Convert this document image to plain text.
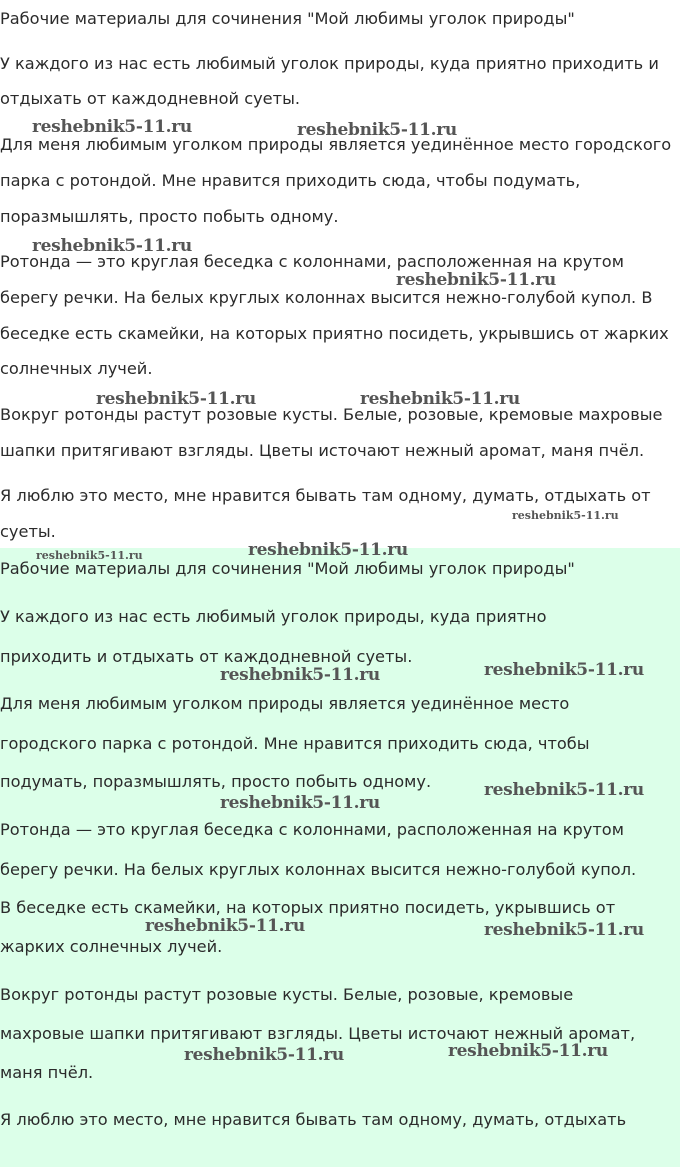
Рабочие материалы для сочинения "Мой любимы уголок природы"
У каждого из нас есть любимый уголок природы, куда приятно приходить и
отдыхать от каждодневной суеты.
Для меня любимым уголком природы является уединённое место городского
парка с ротондой. Мне нравится приходить сюда, чтобы подумать,
поразмышлять, просто побыть одному.
Ротонда — это круглая беседка с колоннами, расположенная на крутом
берегу речки. На белых круглых колоннах высится нежно-голубой купол. В
беседке есть скамейки, на которых приятно посидеть, укрывшись от жарких
солнечных лучей.
Вокруг ротонды растут розовые кусты. Белые, розовые, кремовые махровые
шапки притягивают взгляды. Цветы источают нежный аромат, маня пчёл.
Я люблю это место, мне нравится бывать там одному, думать, отдыхать от
суеты.
Рабочие материалы для сочинения "Мой любимы уголок природы"
У каждого из нас есть любимый уголок природы, куда приятно
приходить и отдыхать от каждодневной суеты.
Для меня любимым уголком природы является уединённое место
городского парка с ротондой. Мне нравится приходить сюда, чтобы
подумать, поразмышлять, просто побыть одному.
Ротонда — это круглая беседка с колоннами, расположенная на крутом
берегу речки. На белых круглых колоннах высится нежно-голубой купол.
В беседке есть скамейки, на которых приятно посидеть, укрывшись от
жарких солнечных лучей.
Вокруг ротонды растут розовые кусты. Белые, розовые, кремовые
махровые шапки притягивают взгляды. Цветы источают нежный аромат,
маня пчёл.
Я люблю это место, мне нравится бывать там одному, думать, отдыхать
reshebnik5-11.ru	reshebnik5-11.ru
reshebnik5-11.ru
reshebnik5-11.ru
reshebnik5-11.ru	reshebnik5-11.ru
reshebnik5-11.ru
reshebnik5-11.ru	reshebnik5-11.ru
reshebnik5-11.ru
reshebnik5-11.ru
reshebnik5-11.ru
reshebnik5-11.ru
reshebnik5-11.ru	reshebnik5-11.ru
reshebnik5-11.ru
reshebnik5-11.ru
